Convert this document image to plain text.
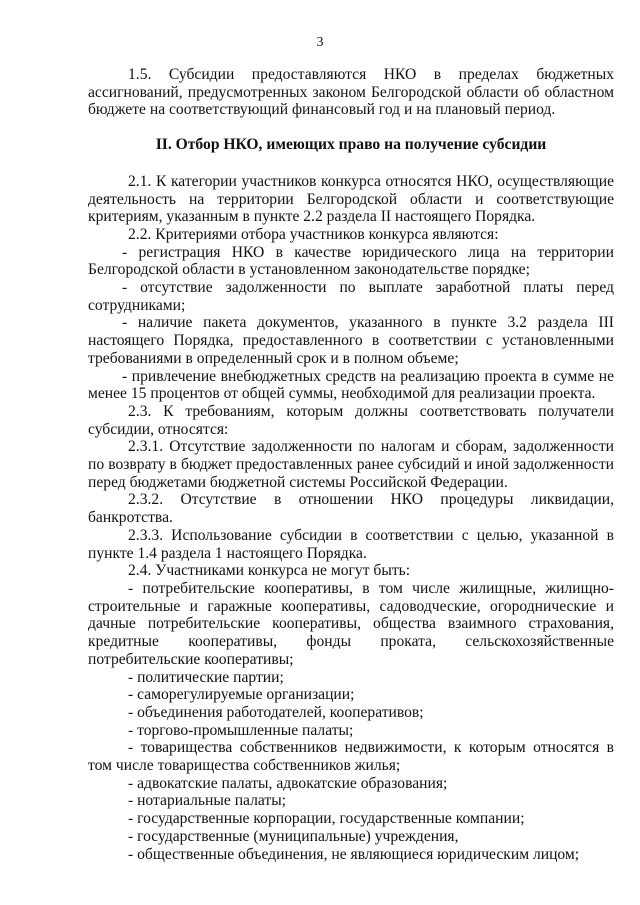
3

1.5. Субсидии предоставляются НКО в пределах бюджетных ассигнований, предусмотренных законом Белгородской области об областном бюджете на соответствующий финансовый год и на плановый период.

II. Отбор НКО, имеющих право на получение субсидии

2.1. К категории участников конкурса относятся НКО, осуществляющие деятельность на территории Белгородской области и соответствующие критериям, указанным в пункте 2.2 раздела II настоящего Порядка.

2.2. Критериями отбора участников конкурса являются:

- регистрация НКО в качестве юридического лица на территории Белгородской области в установленном законодательстве порядке;

- отсутствие задолженности по выплате заработной платы перед сотрудниками;

- наличие пакета документов, указанного в пункте 3.2 раздела III настоящего Порядка, предоставленного в соответствии с установленными требованиями в определенный срок и в полном объеме;

- привлечение внебюджетных средств на реализацию проекта в сумме не менее 15 процентов от общей суммы, необходимой для реализации проекта.

2.3. К требованиям, которым должны соответствовать получатели субсидии, относятся:

2.3.1. Отсутствие задолженности по налогам и сборам, задолженности по возврату в бюджет предоставленных ранее субсидий и иной задолженности перед бюджетами бюджетной системы Российской Федерации.

2.3.2. Отсутствие в отношении НКО процедуры ликвидации, банкротства.

2.3.3. Использование субсидии в соответствии с целью, указанной в пункте 1.4 раздела 1 настоящего Порядка.

2.4. Участниками конкурса не могут быть:

- потребительские кооперативы, в том числе жилищные, жилищно-строительные и гаражные кооперативы, садоводческие, огороднические и дачные потребительские кооперативы, общества взаимного страхования, кредитные кооперативы, фонды проката, сельскохозяйственные потребительские кооперативы;

- политические партии;

- саморегулируемые организации;

- объединения работодателей, кооперативов;

- торгово-промышленные палаты;

- товарищества собственников недвижимости, к которым относятся в том числе товарищества собственников жилья;

- адвокатские палаты, адвокатские образования;

- нотариальные палаты;

- государственные корпорации, государственные компании;

- государственные (муниципальные) учреждения,

- общественные объединения, не являющиеся юридическим лицом;
